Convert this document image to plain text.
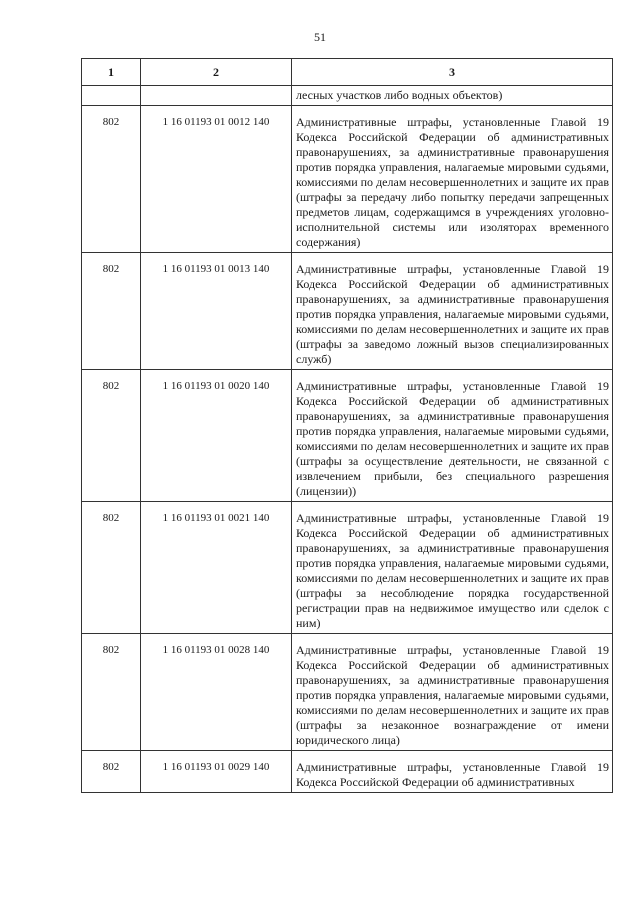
51
1	2	3
		лесных участков либо водных объектов)
802	1 16 01193 01 0012 140	Административные штрафы, установленные Главой 19 Кодекса Российской Федерации об административных правонарушениях, за административные правонарушения против порядка управления, налагаемые мировыми судьями, комиссиями по делам несовершеннолетних и защите их прав (штрафы за передачу либо попытку передачи запрещенных предметов лицам, содержащимся в учреждениях уголовно-исполнительной системы или изоляторах временного содержания)
802	1 16 01193 01 0013 140	Административные штрафы, установленные Главой 19 Кодекса Российской Федерации об административных правонарушениях, за административные правонарушения против порядка управления, налагаемые мировыми судьями, комиссиями по делам несовершеннолетних и защите их прав (штрафы за заведомо ложный вызов специализированных служб)
802	1 16 01193 01 0020 140	Административные штрафы, установленные Главой 19 Кодекса Российской Федерации об административных правонарушениях, за административные правонарушения против порядка управления, налагаемые мировыми судьями, комиссиями по делам несовершеннолетних и защите их прав (штрафы за осуществление деятельности, не связанной с извлечением прибыли, без специального разрешения (лицензии))
802	1 16 01193 01 0021 140	Административные штрафы, установленные Главой 19 Кодекса Российской Федерации об административных правонарушениях, за административные правонарушения против порядка управления, налагаемые мировыми судьями, комиссиями по делам несовершеннолетних и защите их прав (штрафы за несоблюдение порядка государственной регистрации прав на недвижимое имущество или сделок с ним)
802	1 16 01193 01 0028 140	Административные штрафы, установленные Главой 19 Кодекса Российской Федерации об административных правонарушениях, за административные правонарушения против порядка управления, налагаемые мировыми судьями, комиссиями по делам несовершеннолетних и защите их прав (штрафы за незаконное вознаграждение от имени юридического лица)
802	1 16 01193 01 0029 140	Административные штрафы, установленные Главой 19 Кодекса Российской Федерации об административных
